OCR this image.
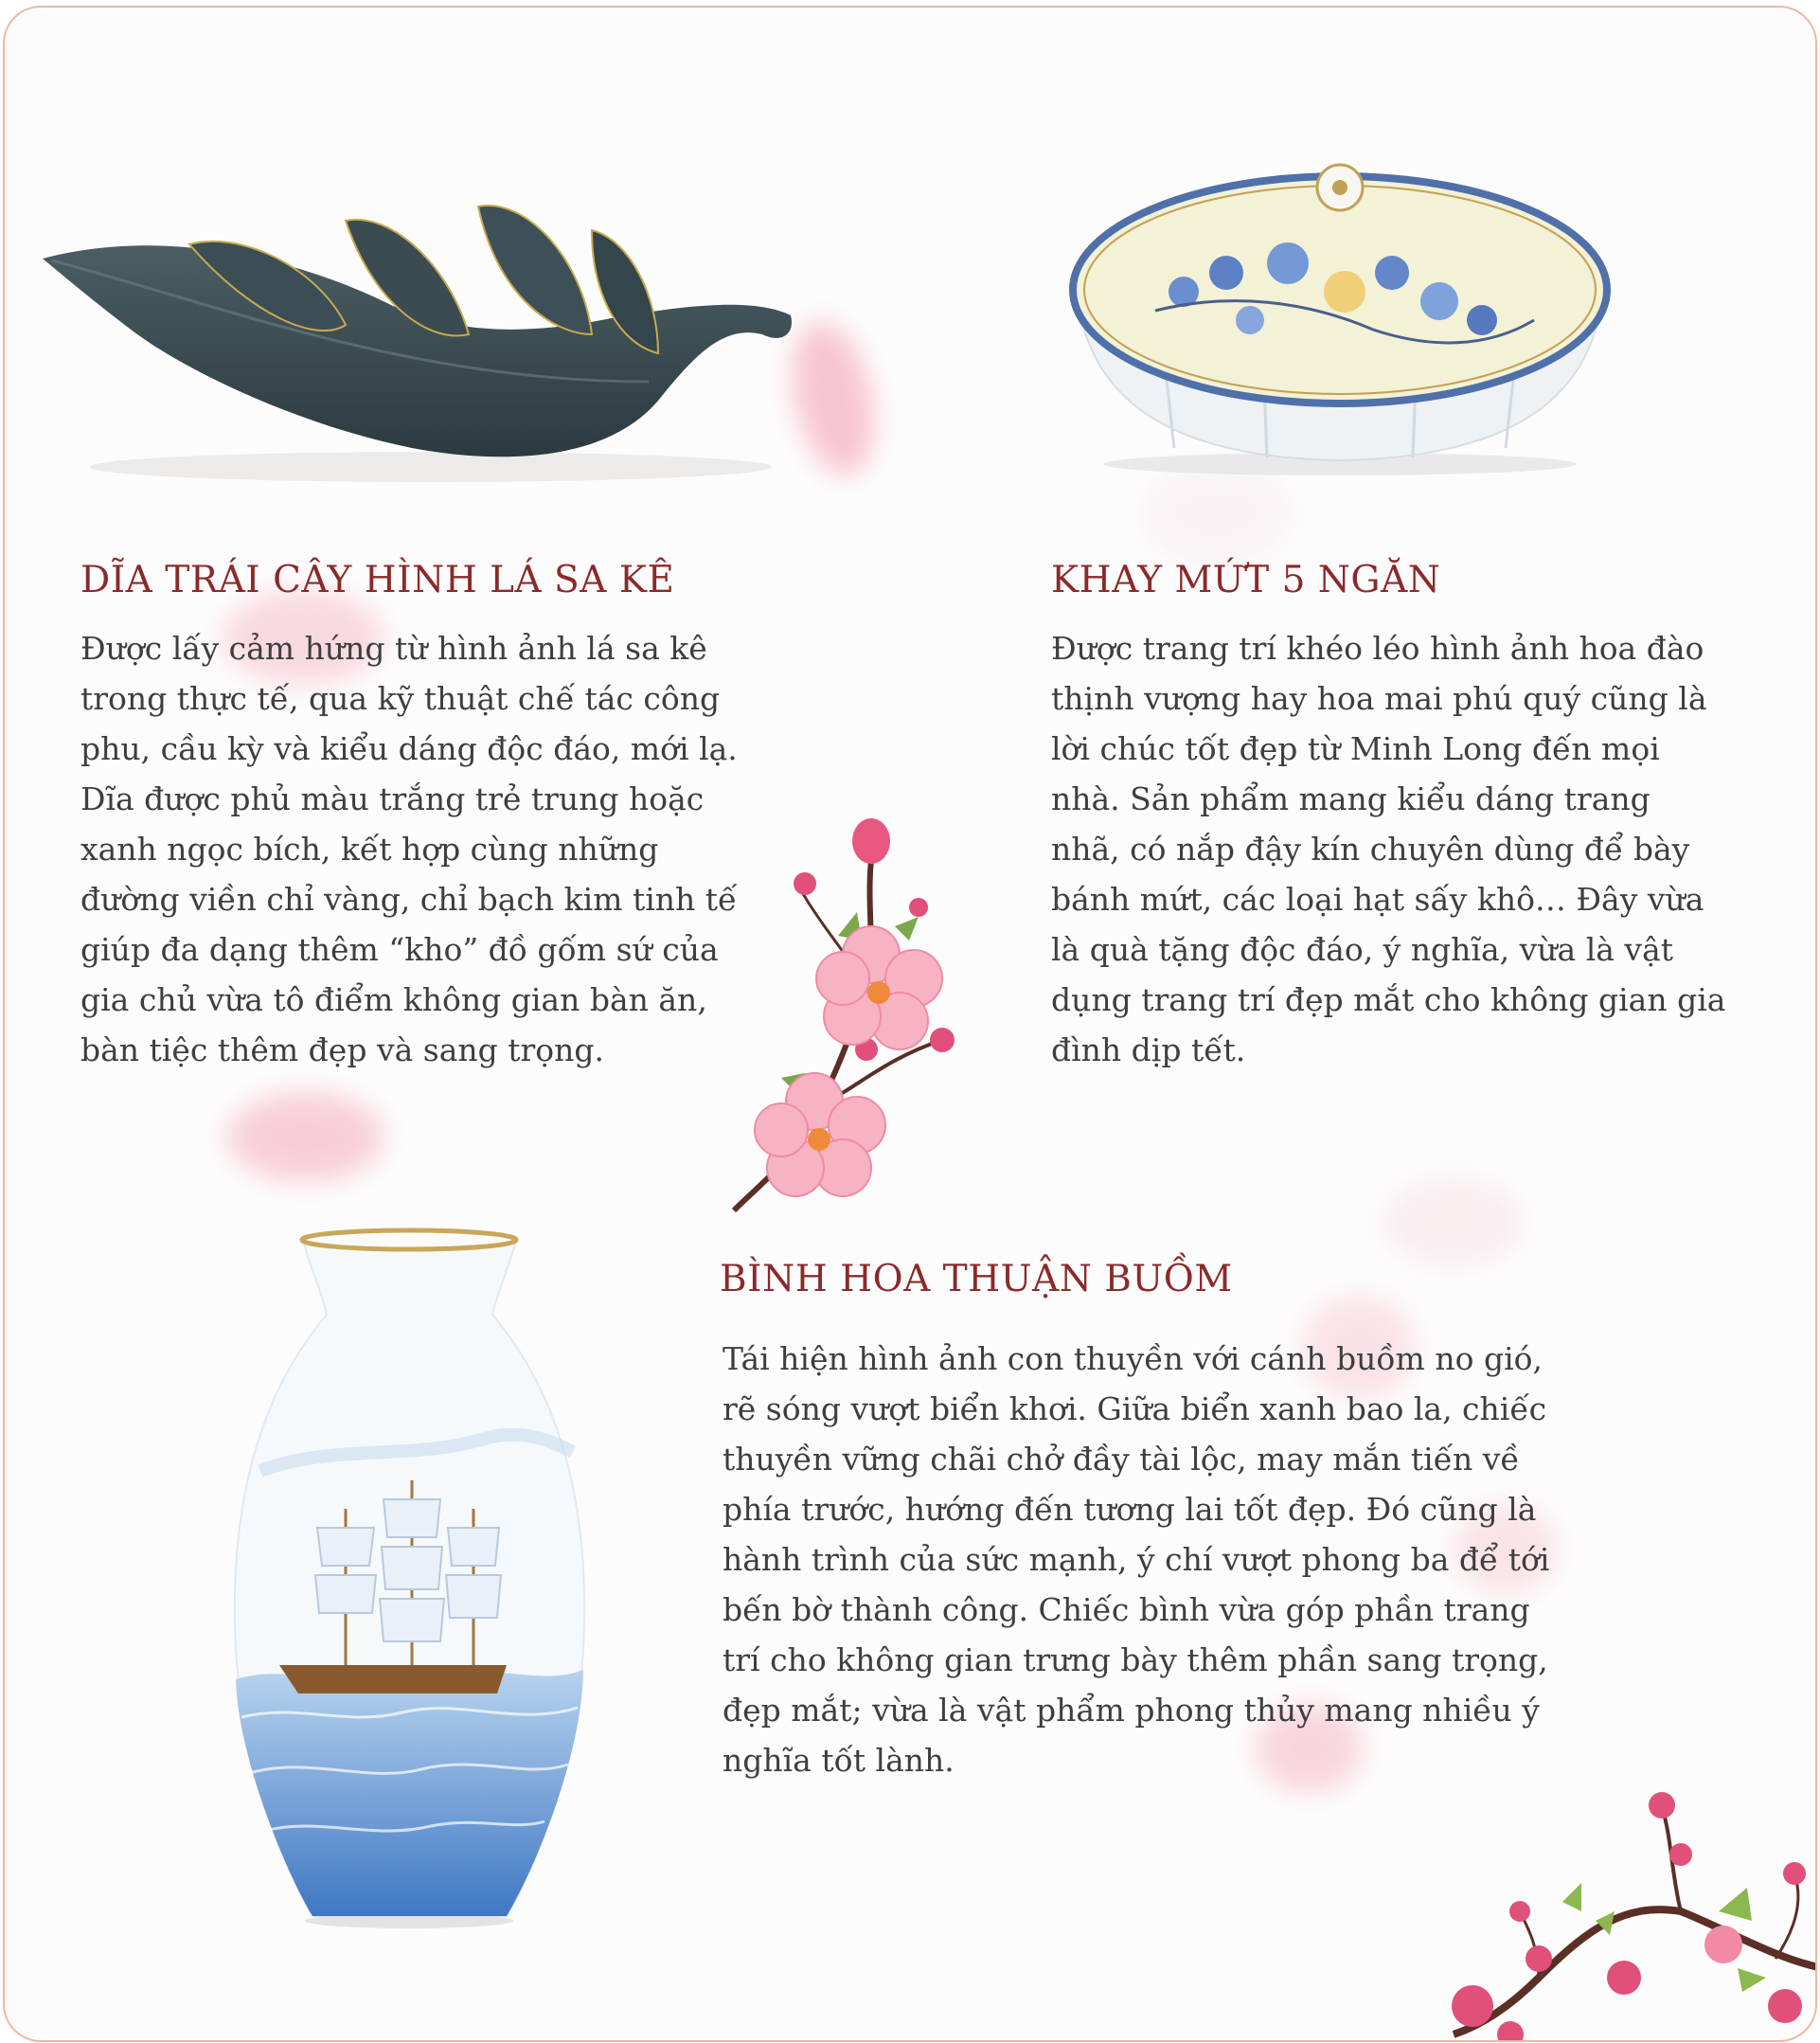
DĨA TRÁI CÂY HÌNH LÁ SA KÊ

Được lấy cảm hứng từ hình ảnh lá sa kê
trong thực tế, qua kỹ thuật chế tác công
phu, cầu kỳ và kiểu dáng độc đáo, mới lạ.
Dĩa được phủ màu trắng trẻ trung hoặc
xanh ngọc bích, kết hợp cùng những
đường viền chỉ vàng, chỉ bạch kim tinh tế
giúp đa dạng thêm “kho” đồ gốm sứ của
gia chủ vừa tô điểm không gian bàn ăn,
bàn tiệc thêm đẹp và sang trọng.

KHAY MỨT 5 NGĂN

Được trang trí khéo léo hình ảnh hoa đào
thịnh vượng hay hoa mai phú quý cũng là
lời chúc tốt đẹp từ Minh Long đến mọi
nhà. Sản phẩm mang kiểu dáng trang
nhã, có nắp đậy kín chuyên dùng để bày
bánh mứt, các loại hạt sấy khô… Đây vừa
là quà tặng độc đáo, ý nghĩa, vừa là vật
dụng trang trí đẹp mắt cho không gian gia
đình dịp tết.

BÌNH HOA THUẬN BUỒM

Tái hiện hình ảnh con thuyền với cánh buồm no gió,
rẽ sóng vượt biển khơi. Giữa biển xanh bao la, chiếc
thuyền vững chãi chở đầy tài lộc, may mắn tiến về
phía trước, hướng đến tương lai tốt đẹp. Đó cũng là
hành trình của sức mạnh, ý chí vượt phong ba để tới
bến bờ thành công. Chiếc bình vừa góp phần trang
trí cho không gian trưng bày thêm phần sang trọng,
đẹp mắt; vừa là vật phẩm phong thủy mang nhiều ý
nghĩa tốt lành.
